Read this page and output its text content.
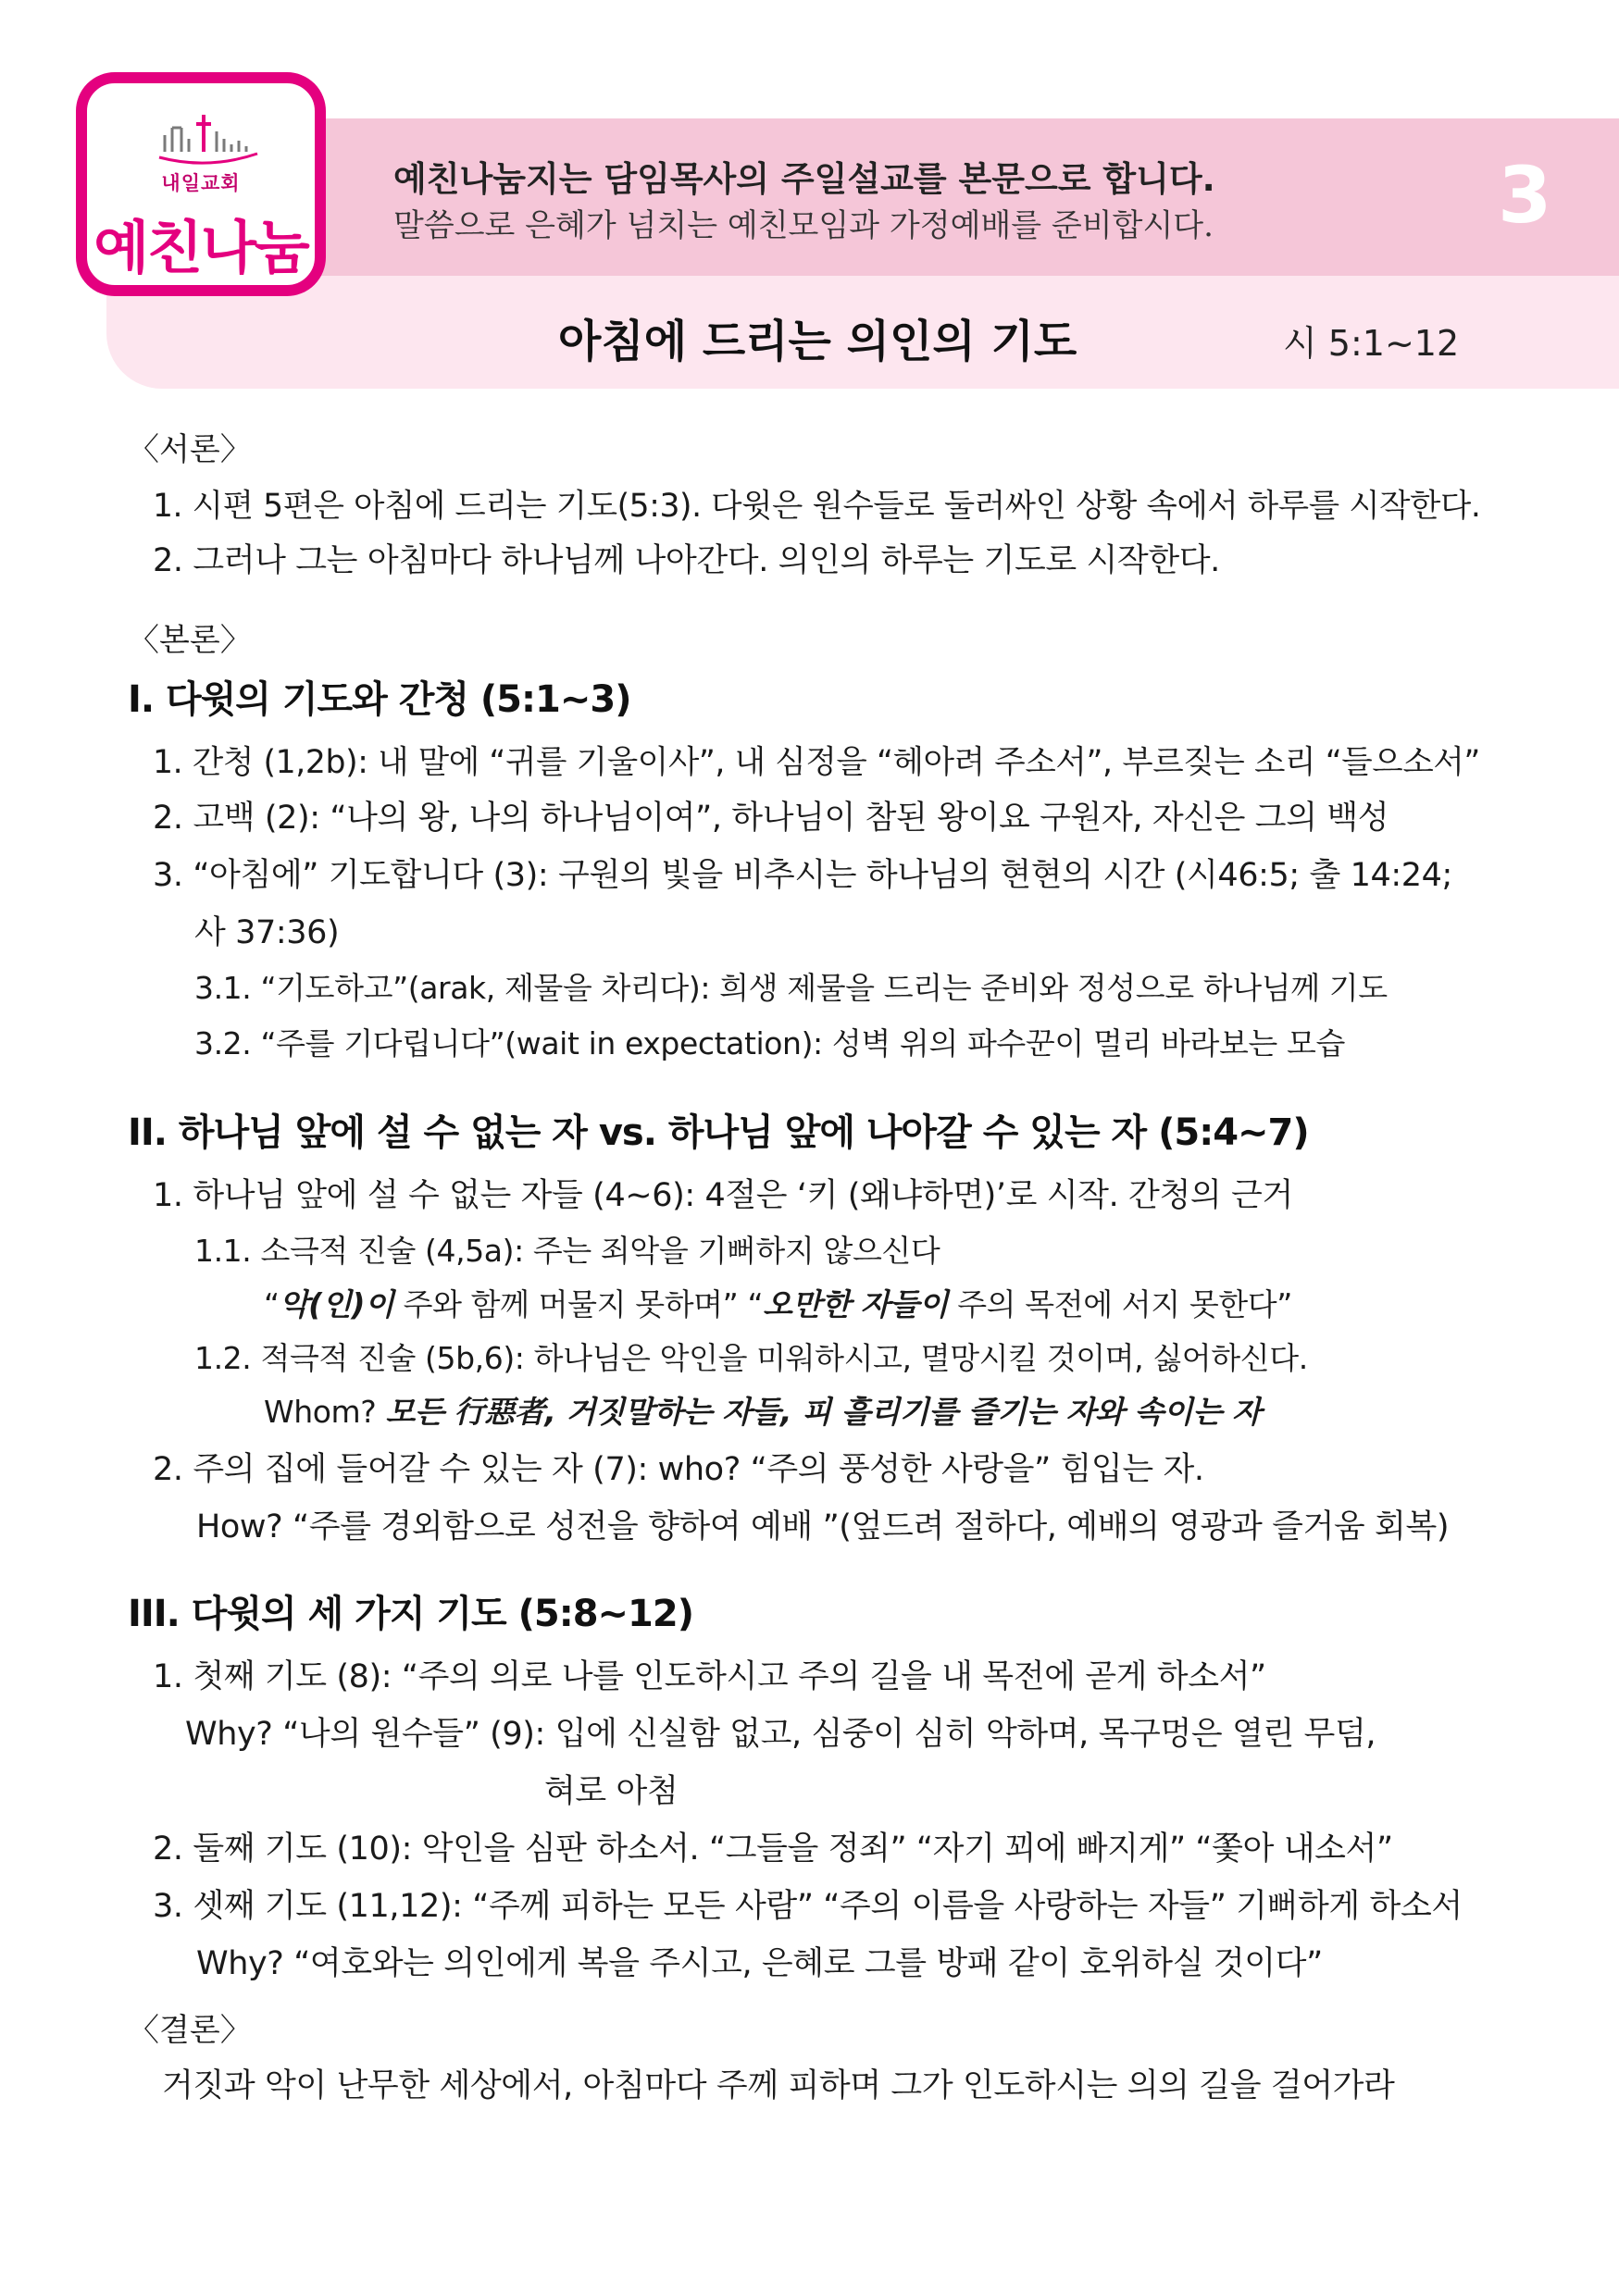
내일교회
예친나눔
예친나눔지는 담임목사의 주일설교를 본문으로 합니다.
말씀으로 은혜가 넘치는 예친모임과 가정예배를 준비합시다.	3
아침에 드리는 의인의 기도	시 5:1~12
〈서론〉
1. 시편 5편은 아침에 드리는 기도(5:3). 다윗은 원수들로 둘러싸인 상황 속에서 하루를 시작한다.
2. 그러나 그는 아침마다 하나님께 나아간다. 의인의 하루는 기도로 시작한다.
〈본론〉
I. 다윗의 기도와 간청 (5:1~3)
1. 간청 (1,2b): 내 말에 “귀를 기울이사”, 내 심정을 “헤아려 주소서”, 부르짖는 소리 “들으소서”
2. 고백 (2): “나의 왕, 나의 하나님이여”, 하나님이 참된 왕이요 구원자, 자신은 그의 백성
3. “아침에” 기도합니다 (3): 구원의 빛을 비추시는 하나님의 현현의 시간 (시46:5; 출 14:24;
사 37:36)
3.1. “기도하고”(arak, 제물을 차리다): 희생 제물을 드리는 준비와 정성으로 하나님께 기도
3.2. “주를 기다립니다”(wait in expectation): 성벽 위의 파수꾼이 멀리 바라보는 모습
II. 하나님 앞에 설 수 없는 자 vs. 하나님 앞에 나아갈 수 있는 자 (5:4~7)
1. 하나님 앞에 설 수 없는 자들 (4~6): 4절은 ‘키 (왜냐하면)’로 시작. 간청의 근거
1.1. 소극적 진술 (4,5a): 주는 죄악을 기뻐하지 않으신다
“악(인)이 주와 함께 머물지 못하며” “오만한 자들이 주의 목전에 서지 못한다”
1.2. 적극적 진술 (5b,6): 하나님은 악인을 미워하시고, 멸망시킬 것이며, 싫어하신다.
Whom? 모든 行惡者, 거짓말하는 자들, 피 흘리기를 즐기는 자와 속이는 자
2. 주의 집에 들어갈 수 있는 자 (7): who? “주의 풍성한 사랑을” 힘입는 자.
How? “주를 경외함으로 성전을 향하여 예배 ”(엎드려 절하다, 예배의 영광과 즐거움 회복)
III. 다윗의 세 가지 기도 (5:8~12)
1. 첫째 기도 (8): “주의 의로 나를 인도하시고 주의 길을 내 목전에 곧게 하소서”
Why? “나의 원수들” (9): 입에 신실함 없고, 심중이 심히 악하며, 목구멍은 열린 무덤,
혀로 아첨
2. 둘째 기도 (10): 악인을 심판 하소서. “그들을 정죄” “자기 꾀에 빠지게” “쫓아 내소서”
3. 셋째 기도 (11,12): “주께 피하는 모든 사람” “주의 이름을 사랑하는 자들” 기뻐하게 하소서
Why? “여호와는 의인에게 복을 주시고, 은혜로 그를 방패 같이 호위하실 것이다”
〈결론〉
거짓과 악이 난무한 세상에서, 아침마다 주께 피하며 그가 인도하시는 의의 길을 걸어가라
